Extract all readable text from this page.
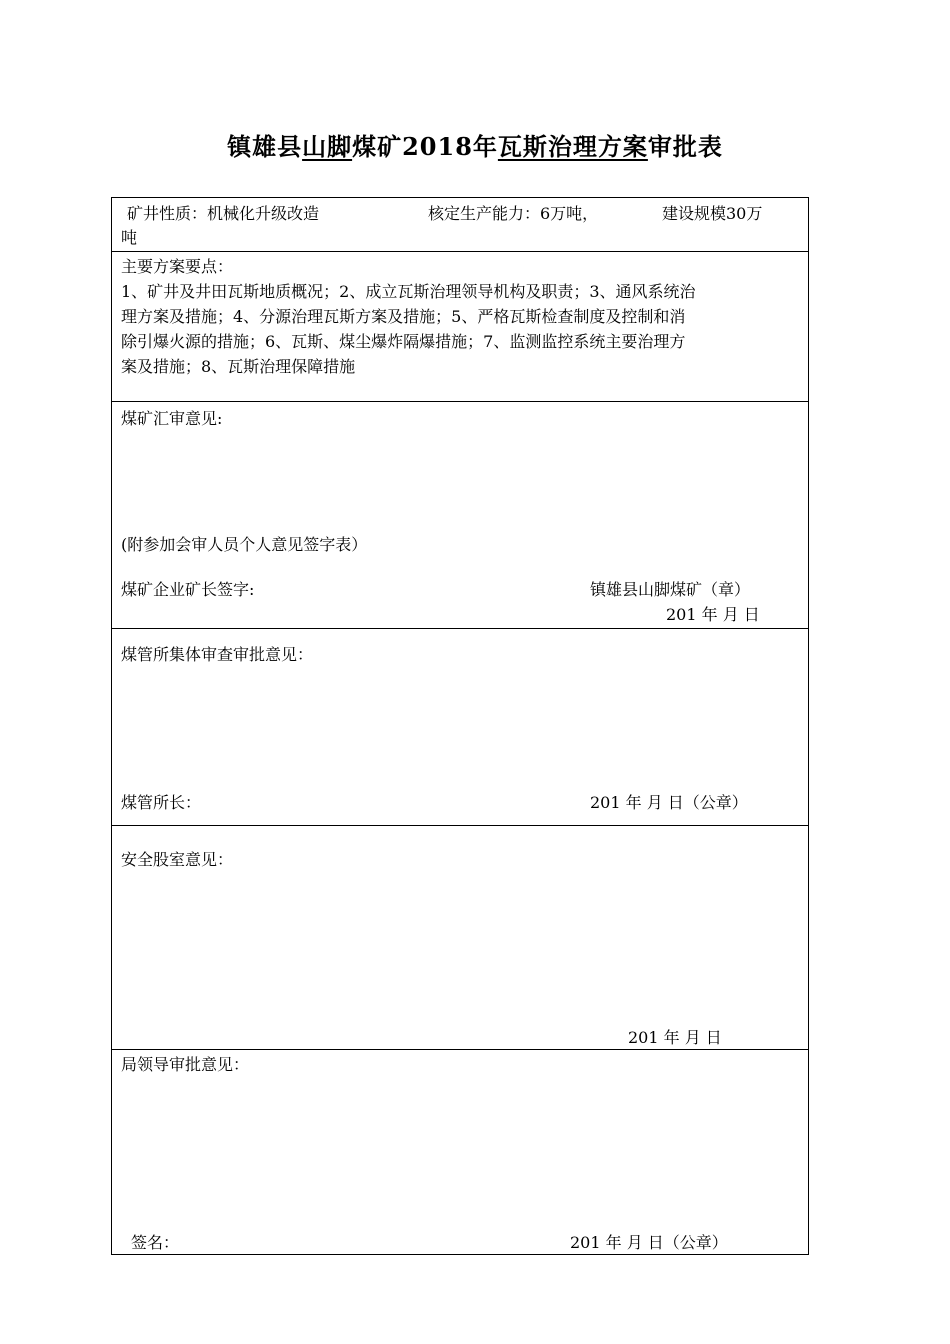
镇雄县山脚煤矿2018年瓦斯治理方案审批表
矿井性质：机械化升级改造	核定生产能力：6万吨，	建设规模30万
吨
主要方案要点：
1、矿井及井田瓦斯地质概况；2、成立瓦斯治理领导机构及职责；3、通风系统治
理方案及措施；4、分源治理瓦斯方案及措施；5、严格瓦斯检查制度及控制和消
除引爆火源的措施；6、瓦斯、煤尘爆炸隔爆措施；7、监测监控系统主要治理方
案及措施；8、瓦斯治理保障措施
煤矿汇审意见:
(附参加会审人员个人意见签字表）
煤矿企业矿长签字:	镇雄县山脚煤矿（章）
201 年 月 日
煤管所集体审查审批意见：
煤管所长：	201 年 月 日（公章）
安全股室意见：
201 年 月 日
局领导审批意见：
签名：	201 年 月 日（公章）
